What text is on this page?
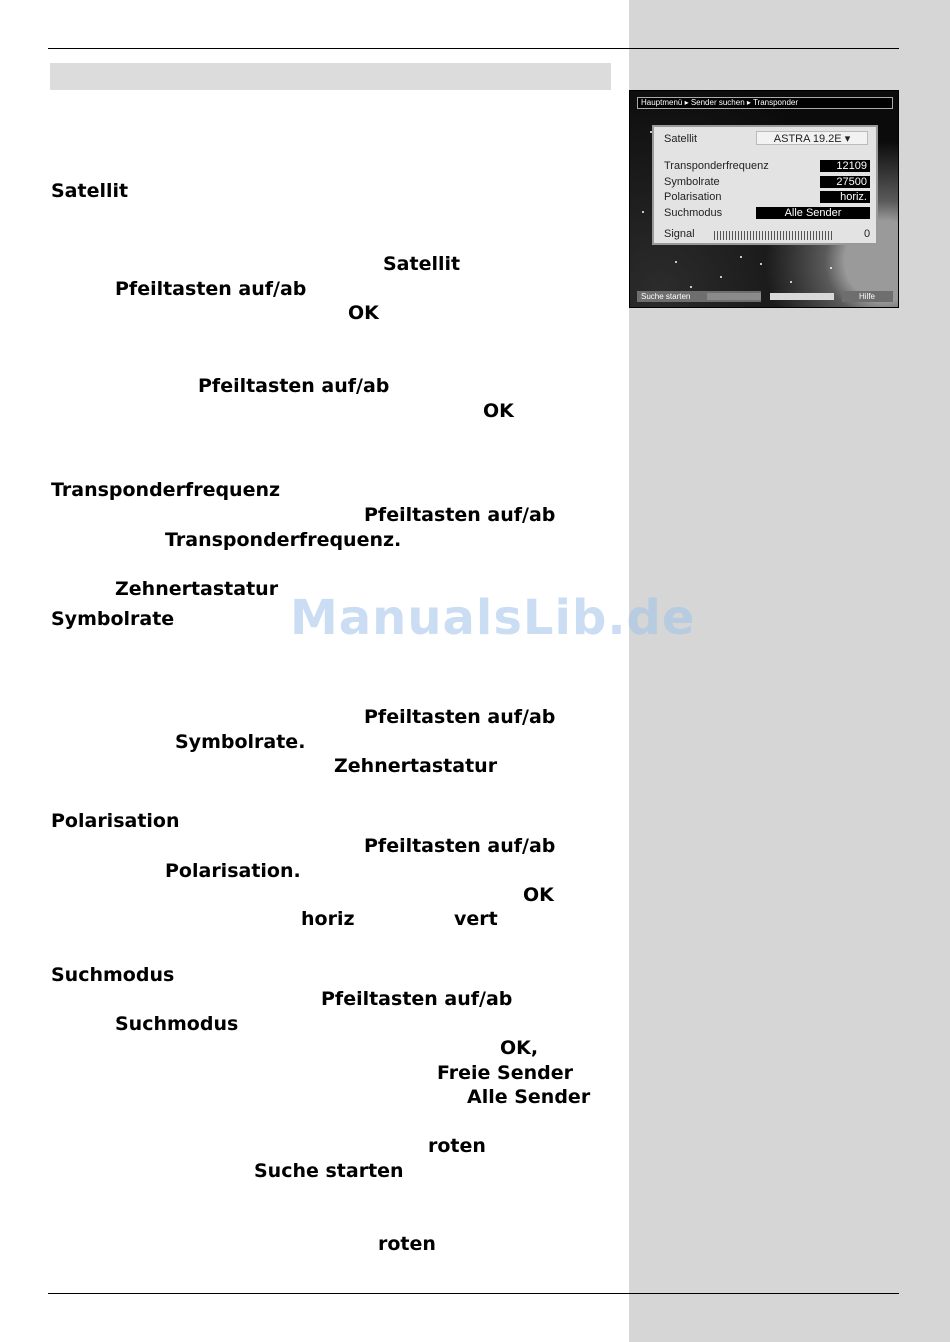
Satellit
Satellit
Pfeiltasten auf/ab
OK
Pfeiltasten auf/ab
OK
Transponderfrequenz
Pfeiltasten auf/ab
Transponderfrequenz.
Zehnertastatur
Symbolrate
Pfeiltasten auf/ab
Symbolrate.
Zehnertastatur
Polarisation
Pfeiltasten auf/ab
Polarisation.
OK
horiz	vert
Suchmodus
Pfeiltasten auf/ab
Suchmodus
OK,
Freie Sender
Alle Sender
roten
Suche starten
roten
ManualsLib.de
Hauptmenü ▸ Sender suchen ▸ Transponder
Satellit	ASTRA 19.2E ▾
Transponderfrequenz	12109
Symbolrate	27500
Polarisation	horiz.
Suchmodus	Alle Sender
Signal	0
Suche starten	Hilfe
